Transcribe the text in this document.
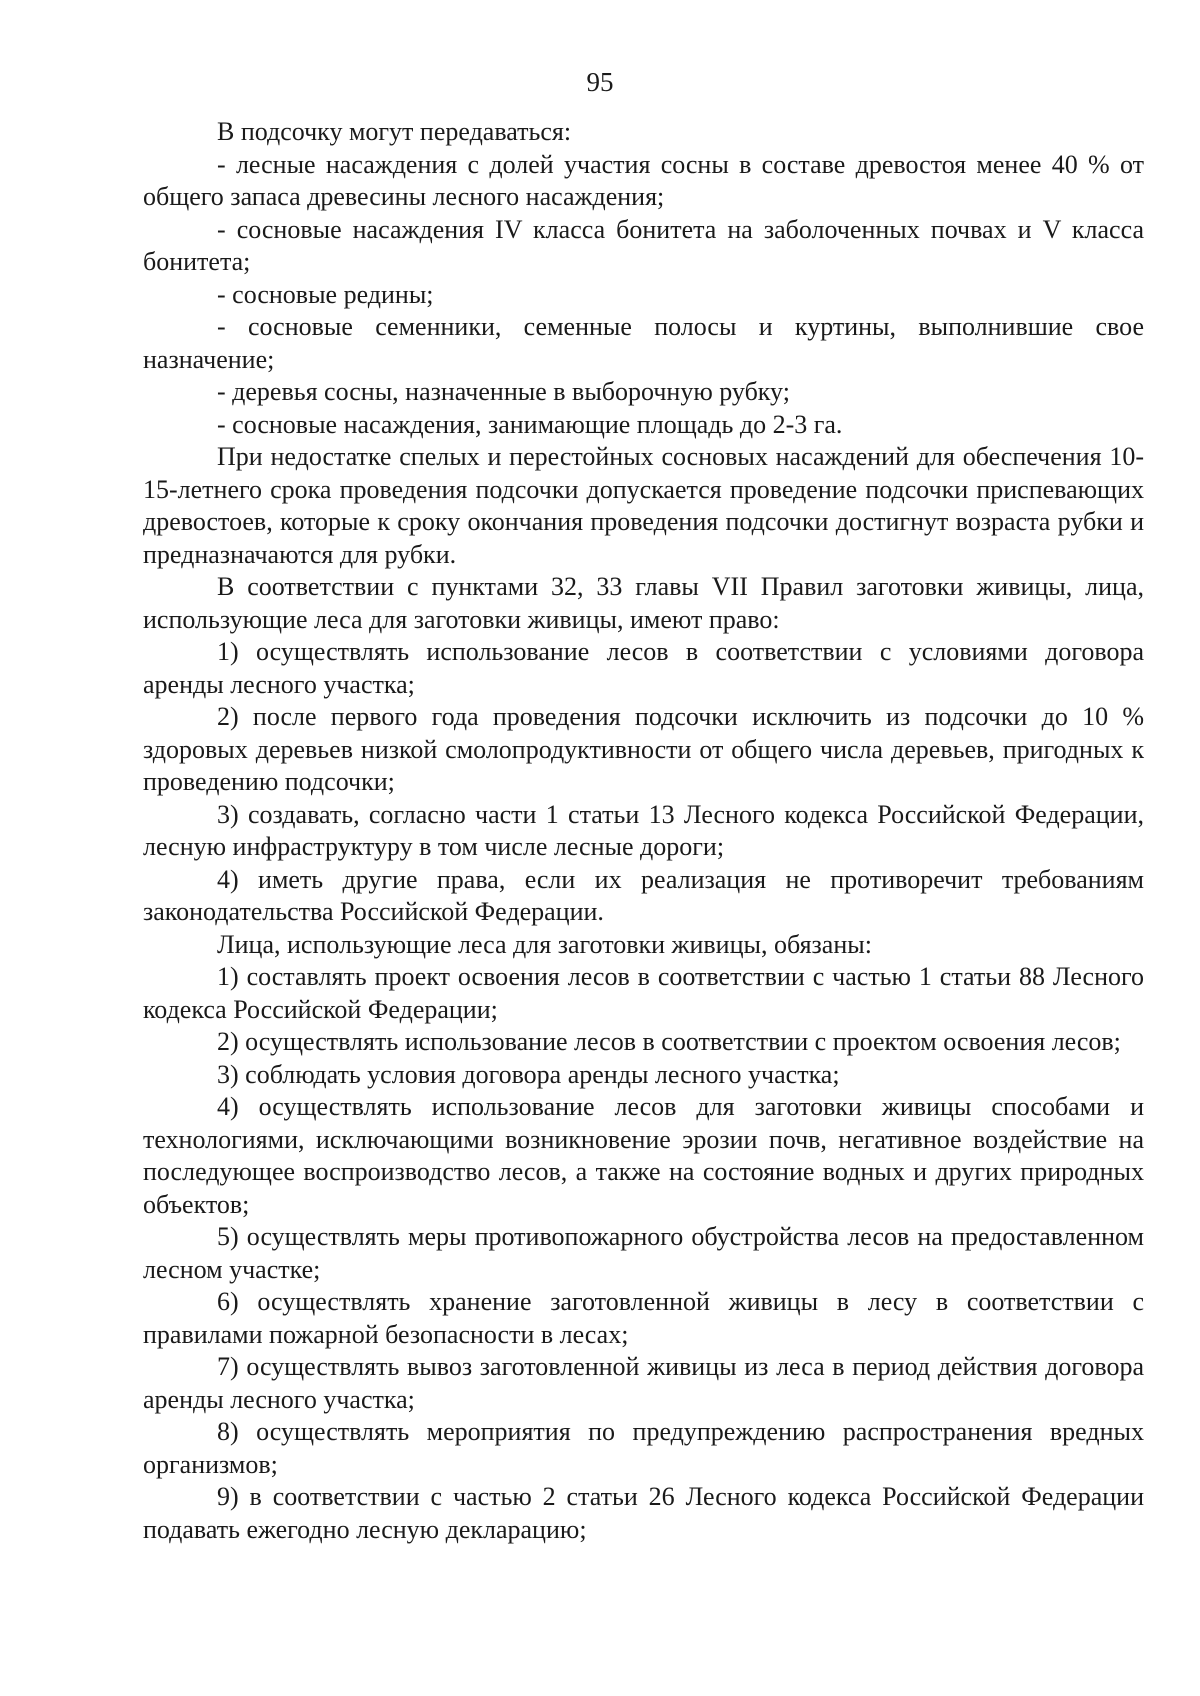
95

В подсочку могут передаваться:

- лесные насаждения с долей участия сосны в составе древостоя менее 40 % от общего запаса древесины лесного насаждения;

- сосновые насаждения IV класса бонитета на заболоченных почвах и V класса бонитета;

- сосновые редины;

- сосновые семенники, семенные полосы и куртины, выполнившие свое назначение;

- деревья сосны, назначенные в выборочную рубку;

- сосновые насаждения, занимающие площадь до 2-3 га.

При недостатке спелых и перестойных сосновых насаждений для обеспечения 10-15-летнего срока проведения подсочки допускается проведение подсочки приспевающих древостоев, которые к сроку окончания проведения подсочки достигнут возраста рубки и предназначаются для рубки.

В соответствии с пунктами 32, 33 главы VII Правил заготовки живицы, лица, использующие леса для заготовки живицы, имеют право:

1) осуществлять использование лесов в соответствии с условиями договора аренды лесного участка;

2) после первого года проведения подсочки исключить из подсочки до 10 % здоровых деревьев низкой смолопродуктивности от общего числа деревьев, пригодных к проведению подсочки;

3) создавать, согласно части 1 статьи 13 Лесного кодекса Российской Федерации, лесную инфраструктуру в том числе лесные дороги;

4) иметь другие права, если их реализация не противоречит требованиям законодательства Российской Федерации.

Лица, использующие леса для заготовки живицы, обязаны:

1) составлять проект освоения лесов в соответствии с частью 1 статьи 88 Лесного кодекса Российской Федерации;

2) осуществлять использование лесов в соответствии с проектом освоения лесов;

3) соблюдать условия договора аренды лесного участка;

4) осуществлять использование лесов для заготовки живицы способами и технологиями, исключающими возникновение эрозии почв, негативное воздействие на последующее воспроизводство лесов, а также на состояние водных и других природных объектов;

5) осуществлять меры противопожарного обустройства лесов на предоставленном лесном участке;

6) осуществлять хранение заготовленной живицы в лесу в соответствии с правилами пожарной безопасности в лесах;

7) осуществлять вывоз заготовленной живицы из леса в период действия договора аренды лесного участка;

8) осуществлять мероприятия по предупреждению распространения вредных организмов;

9) в соответствии с частью 2 статьи 26 Лесного кодекса Российской Федерации подавать ежегодно лесную декларацию;
